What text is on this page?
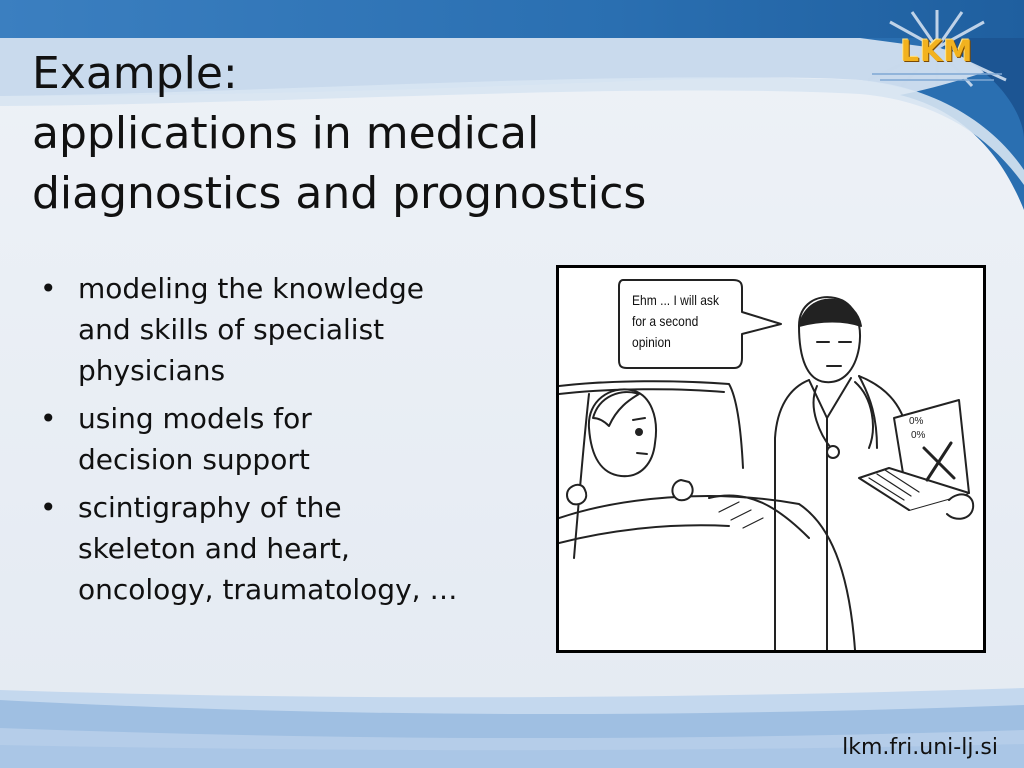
LKM
Example:
applications in medical
diagnostics and prognostics
• modeling the knowledge
and skills of specialist
physicians
• using models for
decision support
• scintigraphy of the
skeleton and heart,
oncology, traumatology, …
0%
0%
Ehm ... I will ask
for a second
opinion
lkm.fri.uni-lj.si
